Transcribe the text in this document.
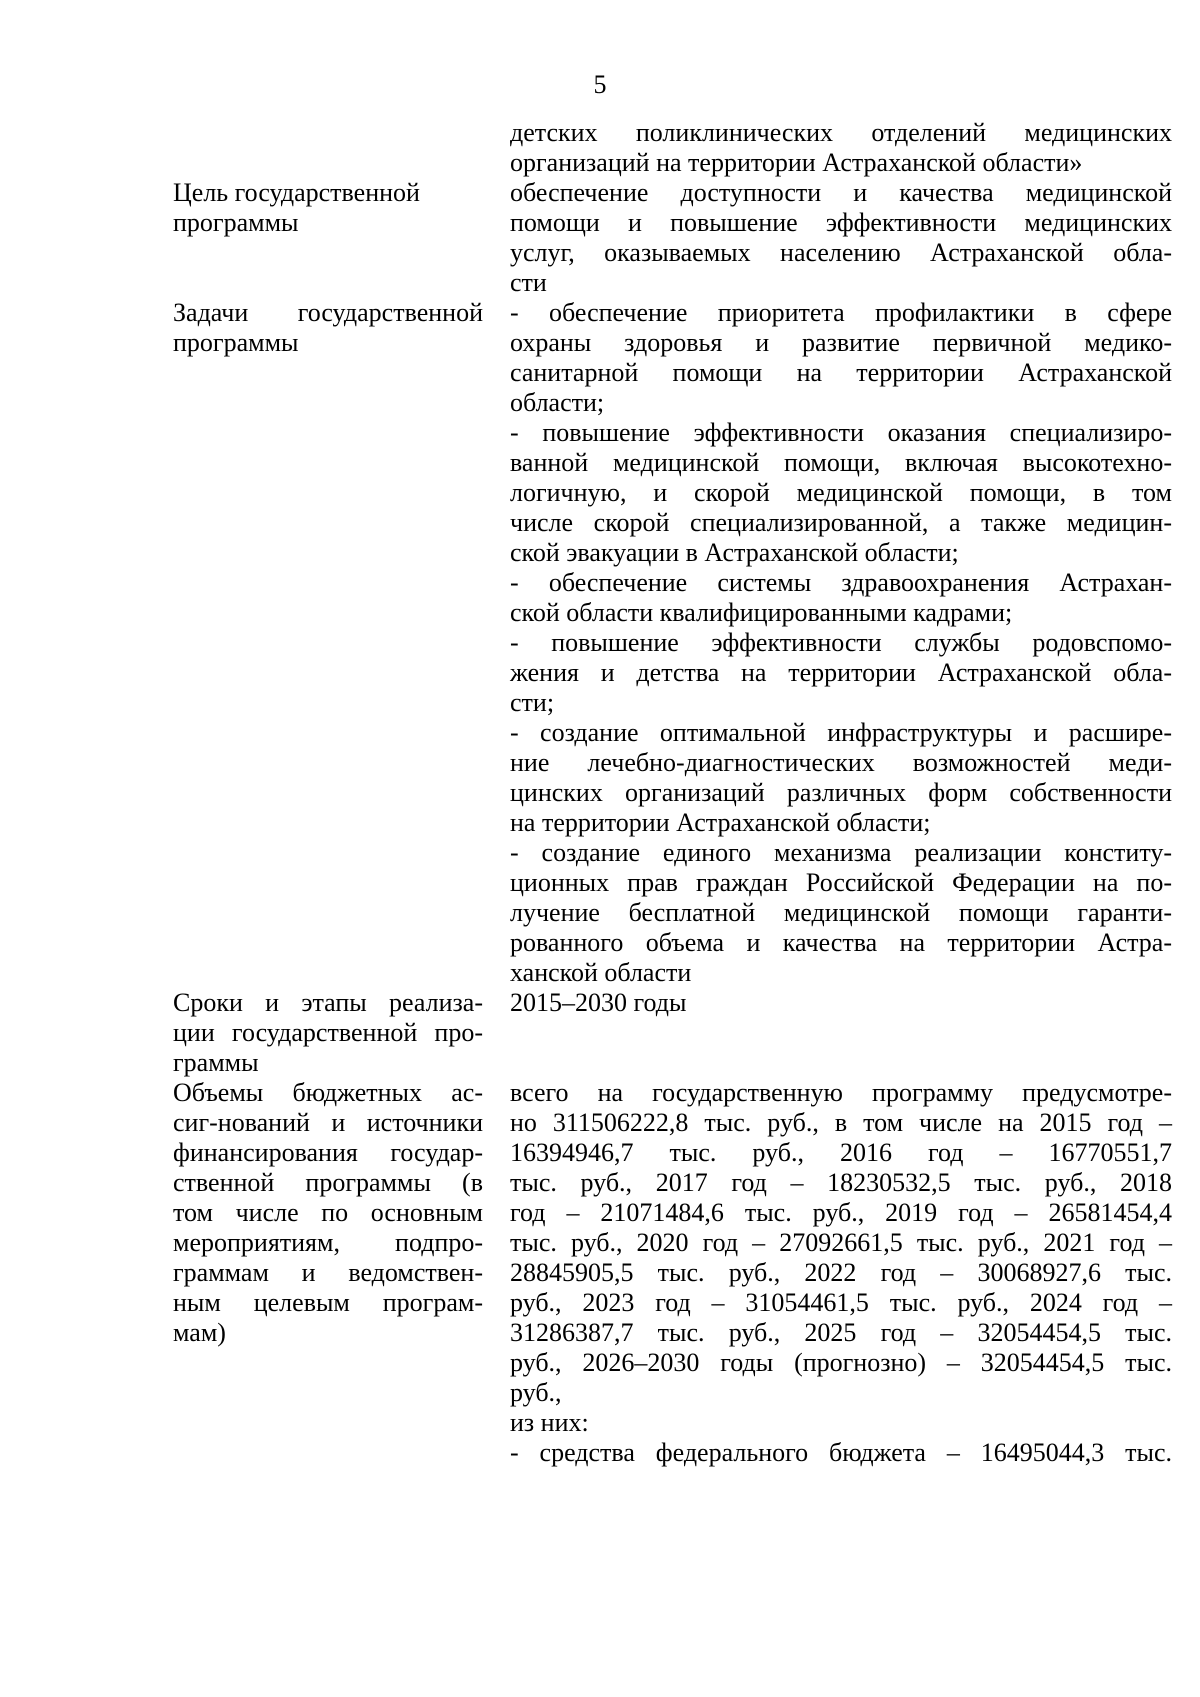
5
детских поликлинических отделений медицинских
организаций на территории Астраханской области»
Цель государственной
программы
обеспечение доступности и качества медицинской
помощи и повышение эффективности медицинских
услуг, оказываемых населению Астраханской обла-
сти
Задачи государственной
программы
- обеспечение приоритета профилактики в сфере
охраны здоровья и развитие первичной медико-
санитарной помощи на территории Астраханской
области;
- повышение эффективности оказания специализиро-
ванной медицинской помощи, включая высокотехно-
логичную, и скорой медицинской помощи, в том
числе скорой специализированной, а также медицин-
ской эвакуации в Астраханской области;
- обеспечение системы здравоохранения Астрахан-
ской области квалифицированными кадрами;
- повышение эффективности службы родовспомо-
жения и детства на территории Астраханской обла-
сти;
- создание оптимальной инфраструктуры и расшире-
ние лечебно-диагностических возможностей меди-
цинских организаций различных форм собственности
на территории Астраханской области;
- создание единого механизма реализации конститу-
ционных прав граждан Российской Федерации на по-
лучение бесплатной медицинской помощи гаранти-
рованного объема и качества на территории Астра-
ханской области
Сроки и этапы реализа-
ции государственной про-
граммы
2015–2030 годы
Объемы бюджетных ас-
сиг-нований и источники
финансирования государ-
ственной программы (в
том числе по основным
мероприятиям, подпро-
граммам и ведомствен-
ным целевым програм-
мам)
всего на государственную программу предусмотре-
но 311506222,8 тыс. руб., в том числе на 2015 год –
16394946,7 тыс. руб., 2016 год – 16770551,7
тыс. руб., 2017 год – 18230532,5 тыс. руб., 2018
год – 21071484,6 тыс. руб., 2019 год – 26581454,4
тыс. руб., 2020 год – 27092661,5 тыс. руб., 2021 год –
28845905,5 тыс. руб., 2022 год – 30068927,6 тыс.
руб., 2023 год – 31054461,5 тыс. руб., 2024 год –
31286387,7 тыс. руб., 2025 год – 32054454,5 тыс.
руб., 2026–2030 годы (прогнозно) – 32054454,5 тыс.
руб.,
из них:
- средства федерального бюджета – 16495044,3 тыс.
